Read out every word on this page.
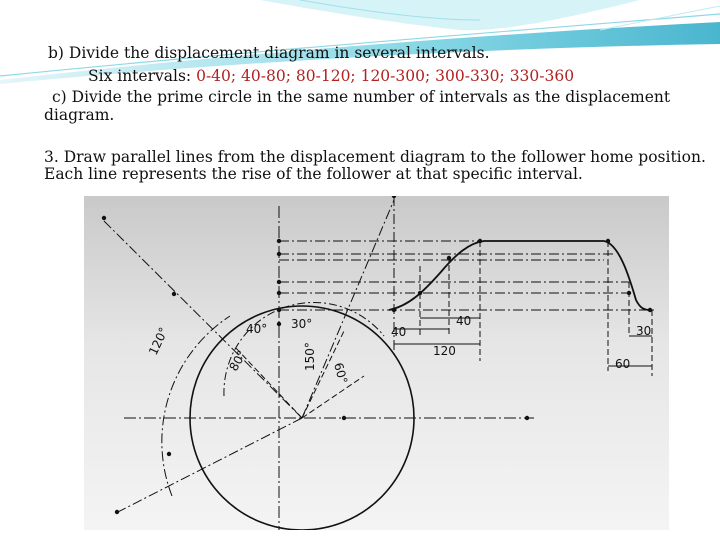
b) Divide the displacement diagram in several intervals.
Six intervals: 0-40; 40-80; 80-120; 120-300; 300-330; 330-360
c) Divide the prime circle in the same number of intervals as the displacement
diagram.
3. Draw parallel lines from the displacement diagram to the follower home position.
Each line represents the rise of the follower at that specific interval.
120°	40° 30°
80°	150°
60°
40
40
120
30
60
